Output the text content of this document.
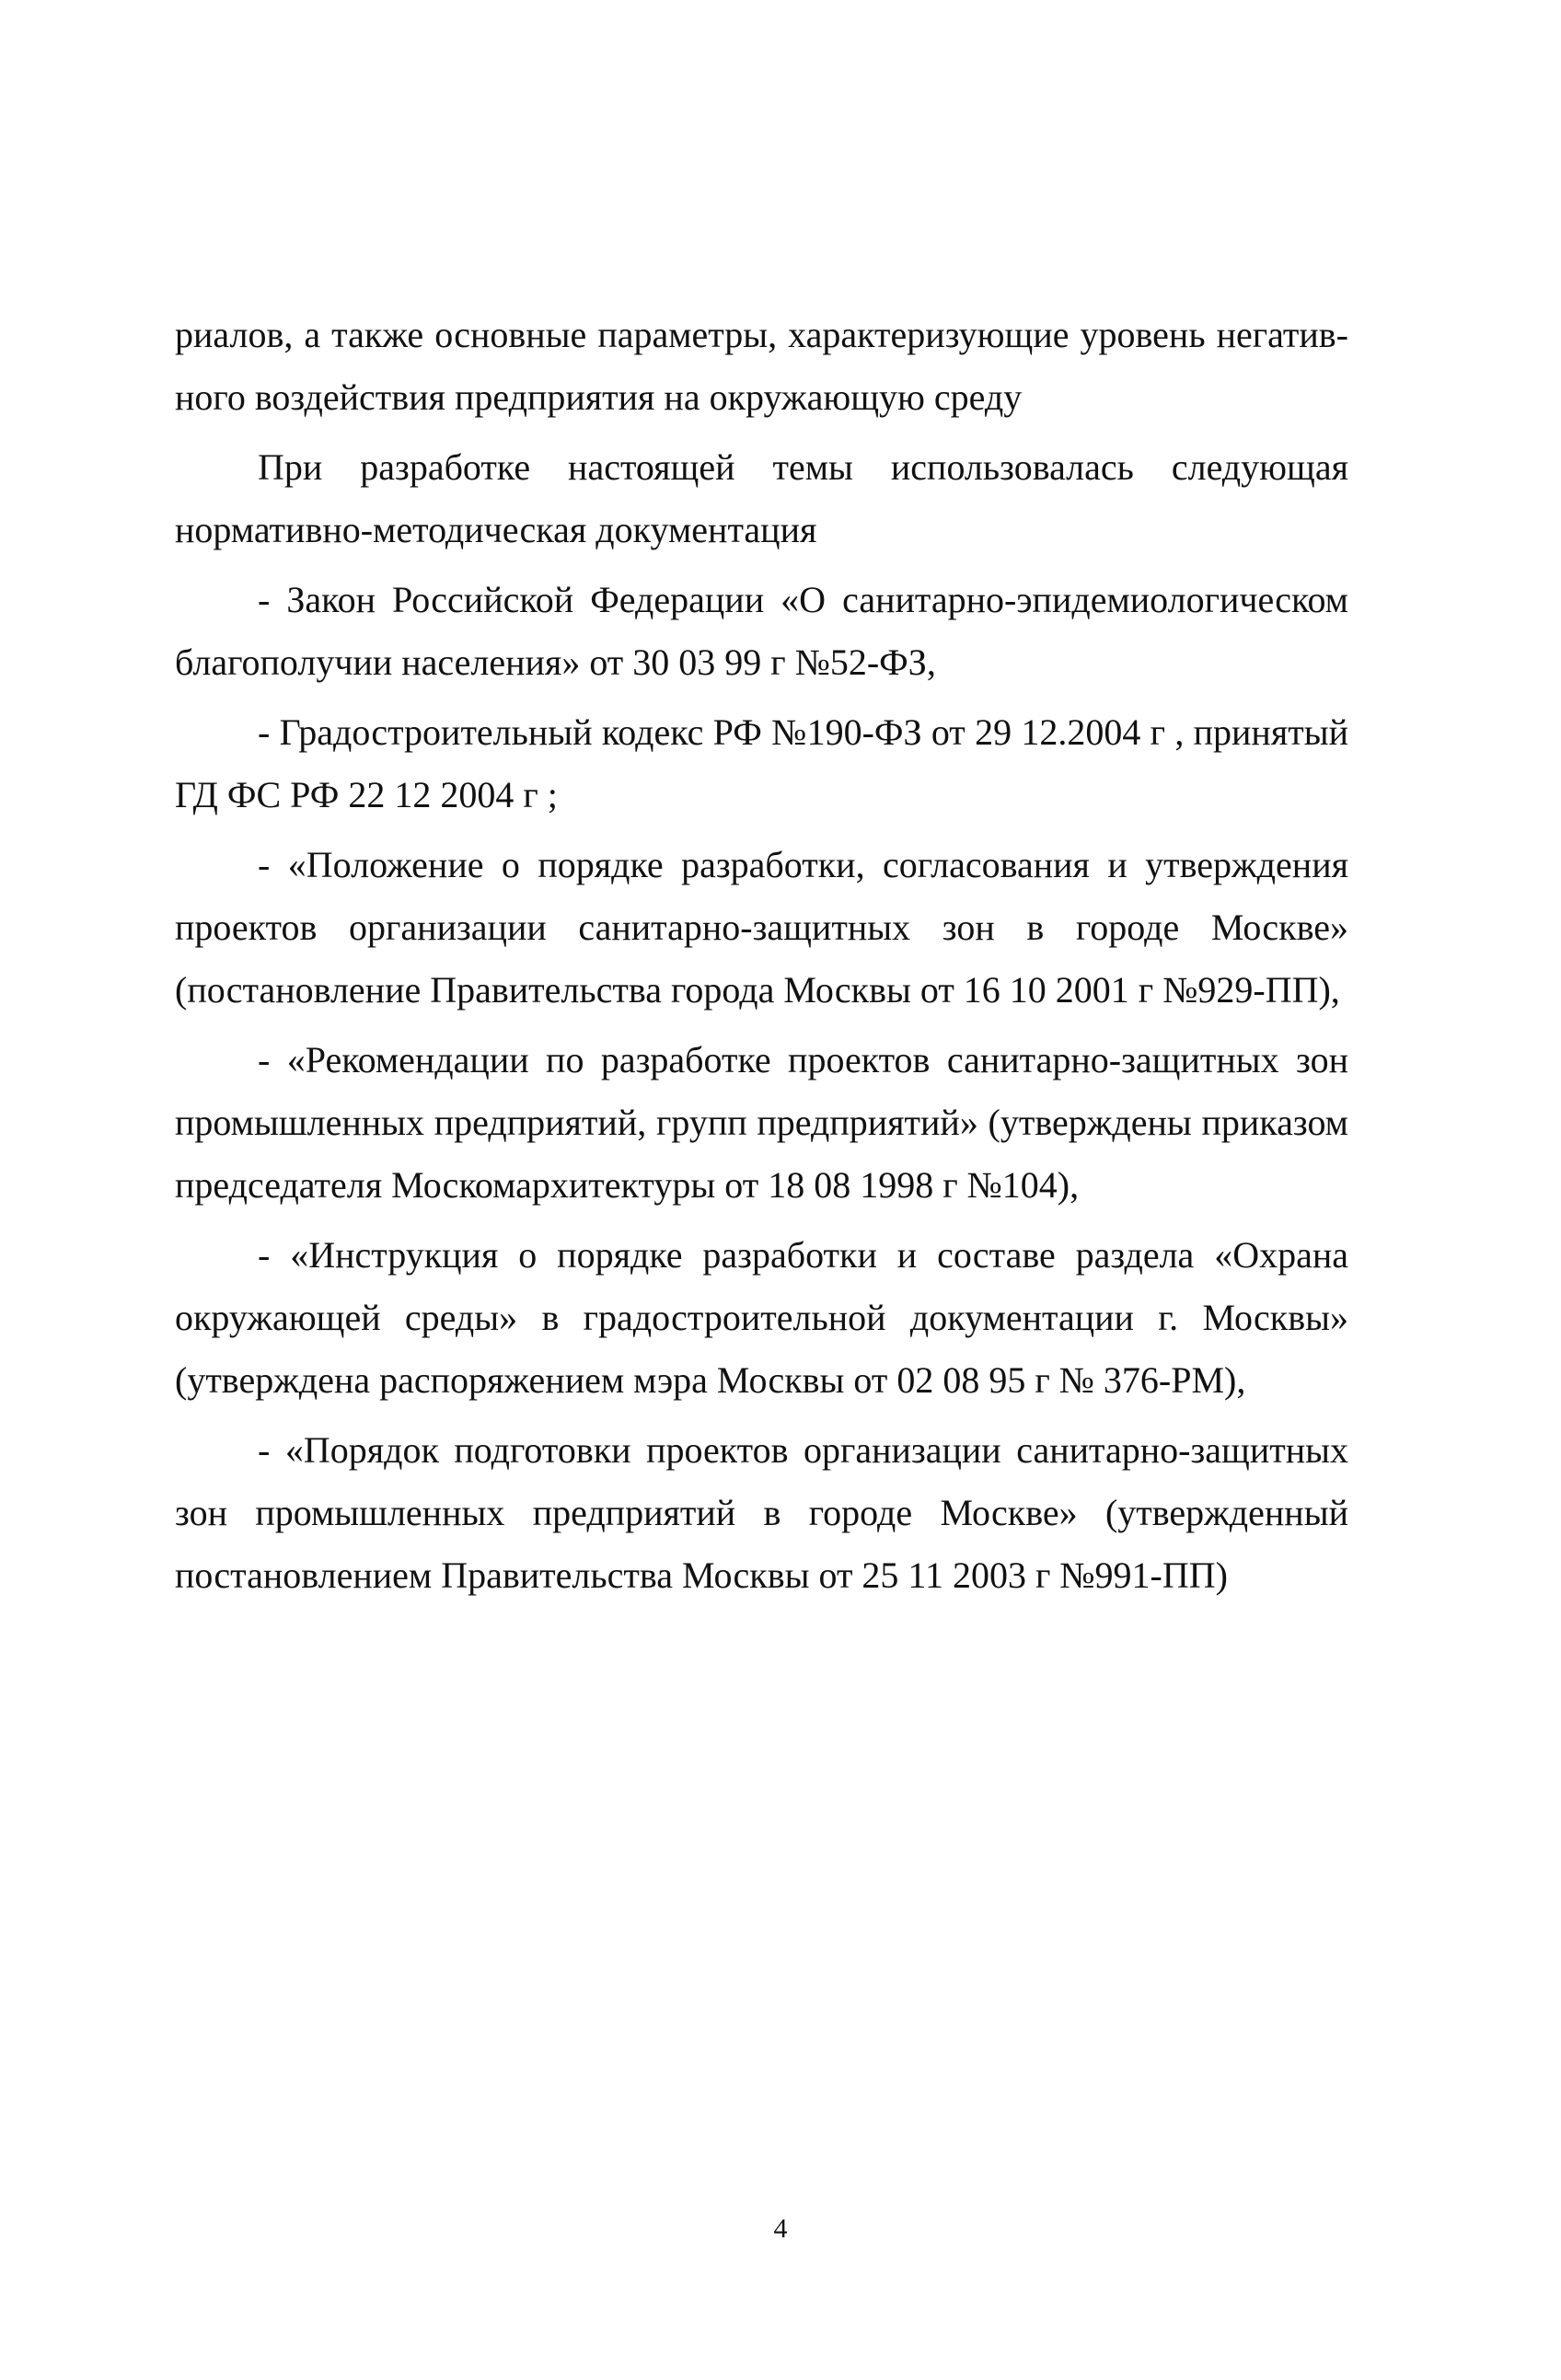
риалов, а также основные параметры, характеризующие уровень негатив-ного воздействия предприятия на окружающую среду

При разработке настоящей темы использовалась следующая нормативно-методическая документация

- Закон Российской Федерации «О санитарно-эпидемиологическом благополучии населения» от 30 03 99 г №52-ФЗ,

- Градостроительный кодекс РФ №190-ФЗ от 29 12.2004 г , принятый ГД ФС РФ 22 12 2004 г ;

- «Положение о порядке разработки, согласования и утверждения проектов организации санитарно-защитных зон в городе Москве» (постановление Правительства города Москвы от 16 10 2001 г №929-ПП),

- «Рекомендации по разработке проектов санитарно-защитных зон промышленных предприятий, групп предприятий» (утверждены приказом председателя Москомархитектуры от 18 08 1998 г №104),

- «Инструкция о порядке разработки и составе раздела «Охрана окружающей среды» в градостроительной документации г. Москвы» (утверждена распоряжением мэра Москвы от 02 08 95 г № 376-РМ),

- «Порядок подготовки проектов организации санитарно-защитных зон промышленных предприятий в городе Москве» (утвержденный постановлением Правительства Москвы от 25 11 2003 г №991-ПП)

4
